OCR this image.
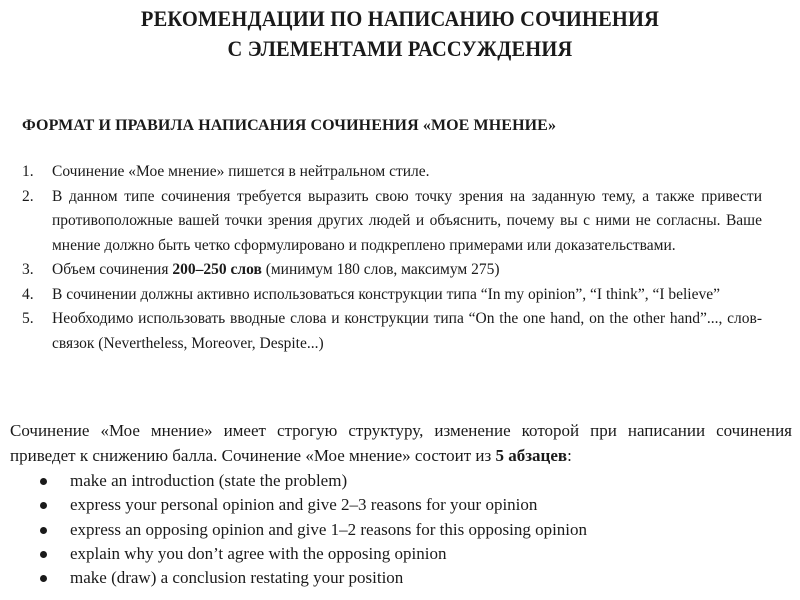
РЕКОМЕНДАЦИИ ПО НАПИСАНИЮ СОЧИНЕНИЯ
С ЭЛЕМЕНТАМИ РАССУЖДЕНИЯ
ФОРМАТ И ПРАВИЛА НАПИСАНИЯ СОЧИНЕНИЯ «МОЕ МНЕНИЕ»
1. Сочинение «Мое мнение» пишется в нейтральном стиле.
2. В данном типе сочинения требуется выразить свою точку зрения на заданную тему, а также привести противоположные вашей точки зрения других людей и объяснить, почему вы с ними не согласны. Ваше мнение должно быть четко сформулировано и подкреплено примерами или доказательствами.
3. Объем сочинения 200–250 слов (минимум 180 слов, максимум 275)
4. В сочинении должны активно использоваться конструкции типа “In my opinion”, “I think”, “I believe”
5. Необходимо использовать вводные слова и конструкции типа “On the one hand, on the other hand”..., слов-связок (Nevertheless, Moreover, Despite...)
Сочинение «Мое мнение» имеет строгую структуру, изменение которой при написании сочинения приведет к снижению балла. Сочинение «Мое мнение» состоит из 5 абзацев:
make an introduction (state the problem)
express your personal opinion and give 2–3 reasons for your opinion
express an opposing opinion and give 1–2 reasons for this opposing opinion
explain why you don’t agree with the opposing opinion
make (draw) a conclusion restating your position
